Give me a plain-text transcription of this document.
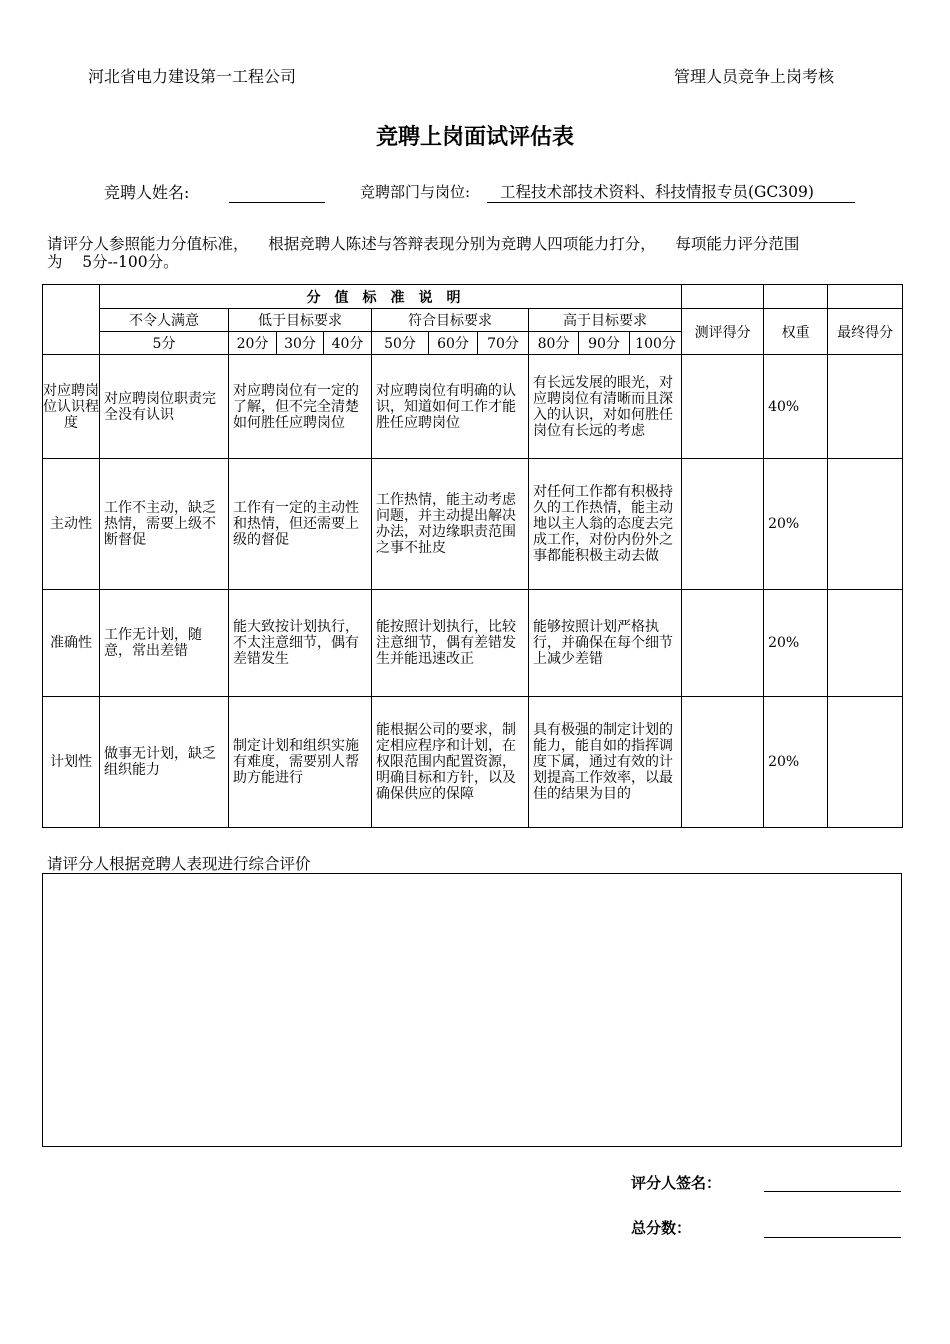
河北省电力建设第一工程公司	管理人员竞争上岗考核
竞聘上岗面试评估表
竞聘人姓名:	竞聘部门与岗位: 工程技术部技术资料、科技情报专员(GC309)
请评分人参照能力分值标准，    根据竞聘人陈述与答辩表现分别为竞聘人四项能力打分，    每项能力评分范围
为    5分--100分。
	分值标准说明												
	不令人满意	低于目标要求			符合目标要求			高于目标要求			测评得分	权重	最终得分
	5分	20分	30分	40分	50分	60分	70分	80分	90分	100分			
对应聘岗位认识程度	对应聘岗位职责完全没有认识	对应聘岗位有一定的了解，但不完全清楚如何胜任应聘岗位			对应聘岗位有明确的认识，知道如何工作才能胜任应聘岗位			有长远发展的眼光，对应聘岗位有清晰而且深入的认识，对如何胜任岗位有长远的考虑				40%	
主动性	工作不主动，缺乏热情，需要上级不断督促	工作有一定的主动性和热情，但还需要上级的督促			工作热情，能主动考虑问题，并主动提出解决办法，对边缘职责范围之事不扯皮			对任何工作都有积极持久的工作热情，能主动地以主人翁的态度去完成工作，对份内份外之事都能积极主动去做				20%	
准确性	工作无计划，随意，常出差错	能大致按计划执行，不太注意细节，偶有差错发生			能按照计划执行，比较注意细节，偶有差错发生并能迅速改正			能够按照计划严格执行，并确保在每个细节上减少差错				20%	
计划性	做事无计划，缺乏组织能力	制定计划和组织实施有难度，需要别人帮助方能进行			能根据公司的要求，制定相应程序和计划，在权限范围内配置资源，明确目标和方针，以及确保供应的保障			具有极强的制定计划的能力，能自如的指挥调度下属，通过有效的计划提高工作效率，以最佳的结果为目的				20%	
请评分人根据竞聘人表现进行综合评价
评分人签名：
总分数：
